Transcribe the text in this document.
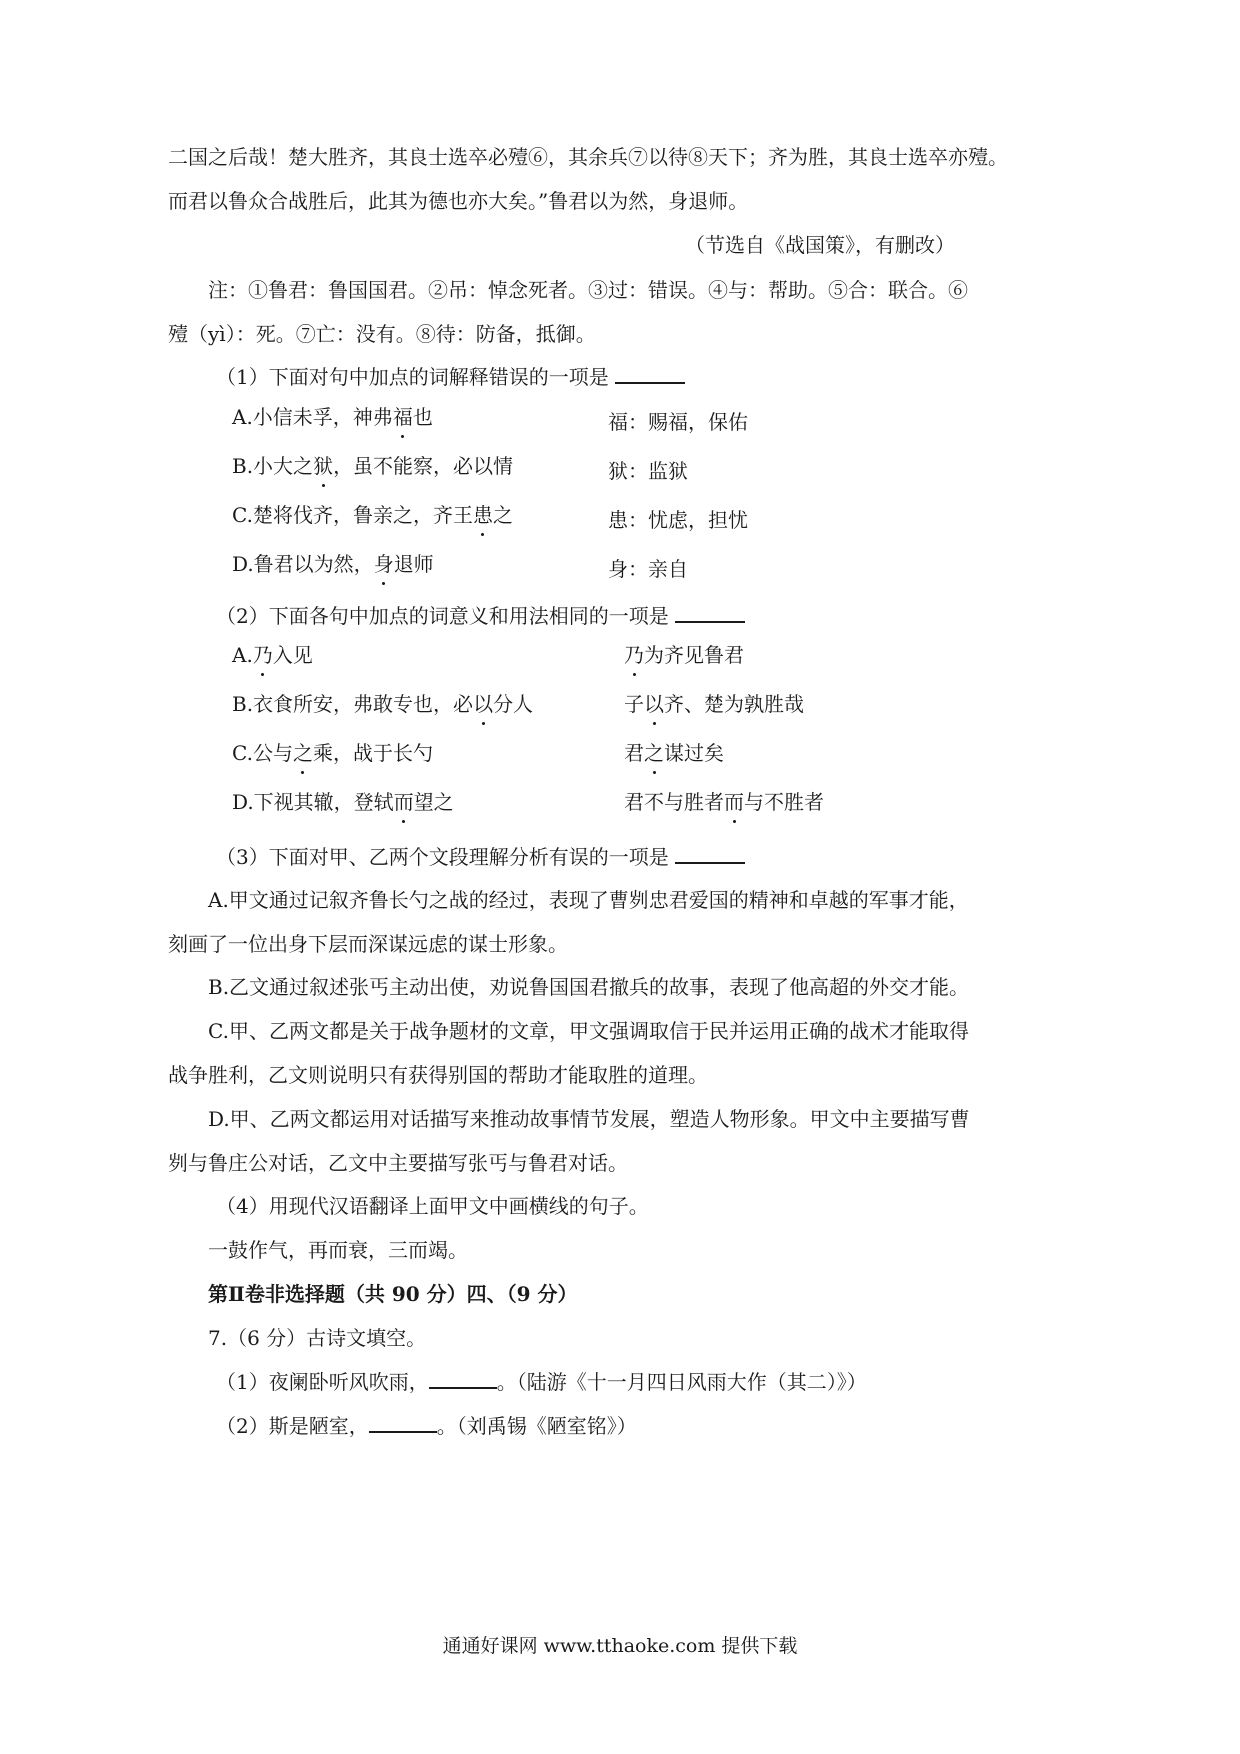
二国之后哉！楚大胜齐，其良士选卒必殪⑥，其余兵⑦以待⑧天下；齐为胜，其良士选卒亦殪。
而君以鲁众合战胜后，此其为德也亦大矣。”鲁君以为然，身退师。
（节选自《战国策》，有删改）
注：①鲁君：鲁国国君。②吊：悼念死者。③过：错误。④与：帮助。⑤合：联合。⑥
殪（yì）：死。⑦亡：没有。⑧待：防备，抵御。
（1）下面对句中加点的词解释错误的一项是
A.小信未孚，神弗福也	福：赐福，保佑
B.小大之狱，虽不能察，必以情	狱：监狱
C.楚将伐齐，鲁亲之，齐王患之	患：忧虑，担忧
D.鲁君以为然，身退师	身：亲自
（2）下面各句中加点的词意义和用法相同的一项是
A.乃入见	乃为齐见鲁君
B.衣食所安，弗敢专也，必以分人	子以齐、楚为孰胜哉
C.公与之乘，战于长勺	君之谋过矣
D.下视其辙，登轼而望之	君不与胜者而与不胜者
（3）下面对甲、乙两个文段理解分析有误的一项是
A.甲文通过记叙齐鲁长勺之战的经过，表现了曹刿忠君爱国的精神和卓越的军事才能，
刻画了一位出身下层而深谋远虑的谋士形象。
B.乙文通过叙述张丐主动出使，劝说鲁国国君撤兵的故事，表现了他高超的外交才能。
C.甲、乙两文都是关于战争题材的文章，甲文强调取信于民并运用正确的战术才能取得
战争胜利，乙文则说明只有获得别国的帮助才能取胜的道理。
D.甲、乙两文都运用对话描写来推动故事情节发展，塑造人物形象。甲文中主要描写曹
刿与鲁庄公对话，乙文中主要描写张丐与鲁君对话。
（4）用现代汉语翻译上面甲文中画横线的句子。
一鼓作气，再而衰，三而竭。
第Ⅱ卷非选择题（共 90 分）四、（9 分）
7.（6 分）古诗文填空。
（1）夜阑卧听风吹雨，	。（陆游《十一月四日风雨大作（其二）》）
（2）斯是陋室，	。（刘禹锡《陋室铭》）
通通好课网 www.tthaoke.com 提供下载
